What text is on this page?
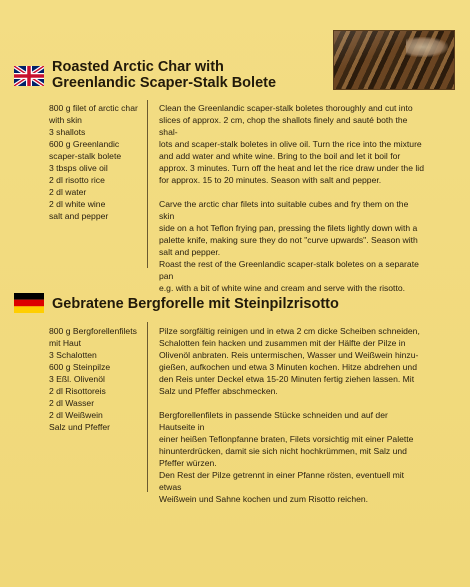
Roasted Arctic Char with
Greenlandic Scaper-Stalk Bolete
800 g filet of arctic char
with skin
3 shallots
600 g Greenlandic
scaper-stalk bolete
3 tbsps olive oil
2 dl risotto rice
2 dl water
2 dl white wine
salt and pepper

Clean the Greenlandic scaper-stalk boletes thoroughly and cut into
slices of approx. 2 cm, chop the shallots finely and sauté both the shal-
lots and scaper-stalk boletes in olive oil. Turn the rice into the mixture
and add water and white wine. Bring to the boil and let it boil for
approx. 3 minutes. Turn off the heat and let the rice draw under the lid
for approx. 15 to 20 minutes. Season with salt and pepper.

Carve the arctic char filets into suitable cubes and fry them on the skin
side on a hot Teflon frying pan, pressing the filets lightly down with a
palette knife, making sure they do not "curve upwards". Season with
salt and pepper.
Roast the rest of the Greenlandic scaper-stalk boletes on a separate pan
e.g. with a bit of white wine and cream and serve with the risotto.

Gebratene Bergforelle mit Steinpilzrisotto
800 g Bergforellenfilets
mit Haut
3 Schalotten
600 g Steinpilze
3 Eßl. Olivenöl
2 dl Risottoreis
2 dl Wasser
2 dl Weißwein
Salz und Pfeffer

Pilze sorgfältig reinigen und in etwa 2 cm dicke Scheiben schneiden,
Schalotten fein hacken und zusammen mit der Hälfte der Pilze in
Olivenöl anbraten. Reis untermischen, Wasser und Weißwein hinzu-
gießen, aufkochen und etwa 3 Minuten kochen. Hitze abdrehen und
den Reis unter Deckel etwa 15-20 Minuten fertig ziehen lassen. Mit
Salz und Pfeffer abschmecken.

Bergforellenfilets in passende Stücke schneiden und auf der Hautseite in
einer heißen Teflonpfanne braten, Filets vorsichtig mit einer Palette
hinunterdrücken, damit sie sich nicht hochkrümmen, mit Salz und
Pfeffer würzen.
Den Rest der Pilze getrennt in einer Pfanne rösten, eventuell mit etwas
Weißwein und Sahne kochen und zum Risotto reichen.
